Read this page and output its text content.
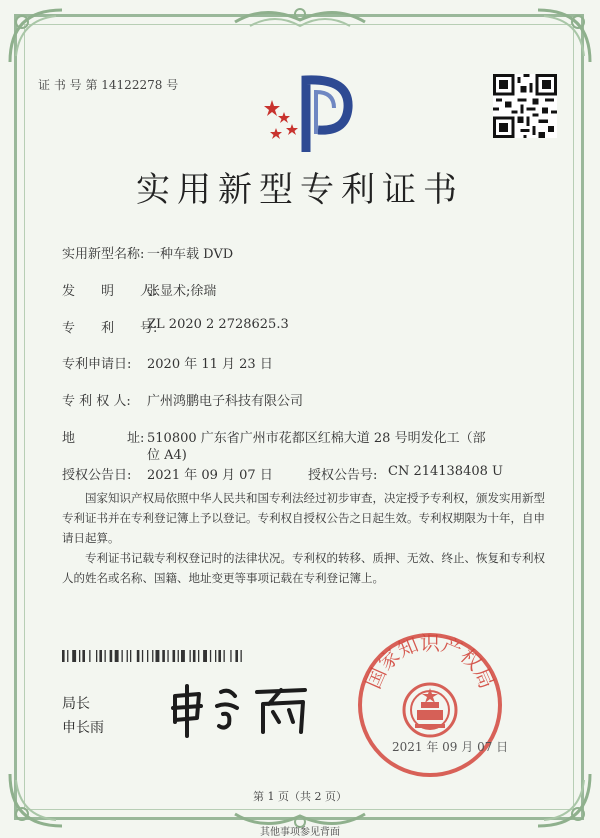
证 书 号 第 14122278 号
实用新型专利证书
实用新型名称: 一种车载 DVD
发　　明　　人:
张显术;徐瑞
专　　利　　号:
ZL 2020 2 2728625.3
专利申请日: 2020 年 11 月 23 日
专 利 权 人: 广州鸿鹏电子科技有限公司
地　　　　址: 510800 广东省广州市花都区红棉大道 28 号明发化工（部
位 A4)
授权公告日: 2021 年 09 月 07 日	授权公告号: CN 214138408 U
国家知识产权局依照中华人民共和国专利法经过初步审查，决定授予专利权，颁发实用新型专利证书并在专利登记簿上予以登记。专利权自授权公告之日起生效。专利权期限为十年，自申请日起算。
专利证书记载专利权登记时的法律状况。专利权的转移、质押、无效、终止、恢复和专利权人的姓名或名称、国籍、地址变更等事项记载在专利登记簿上。
局长
申长雨
国家知识产权局
2021 年 09 月 07 日
第 1 页（共 2 页）
其他事项参见背面
